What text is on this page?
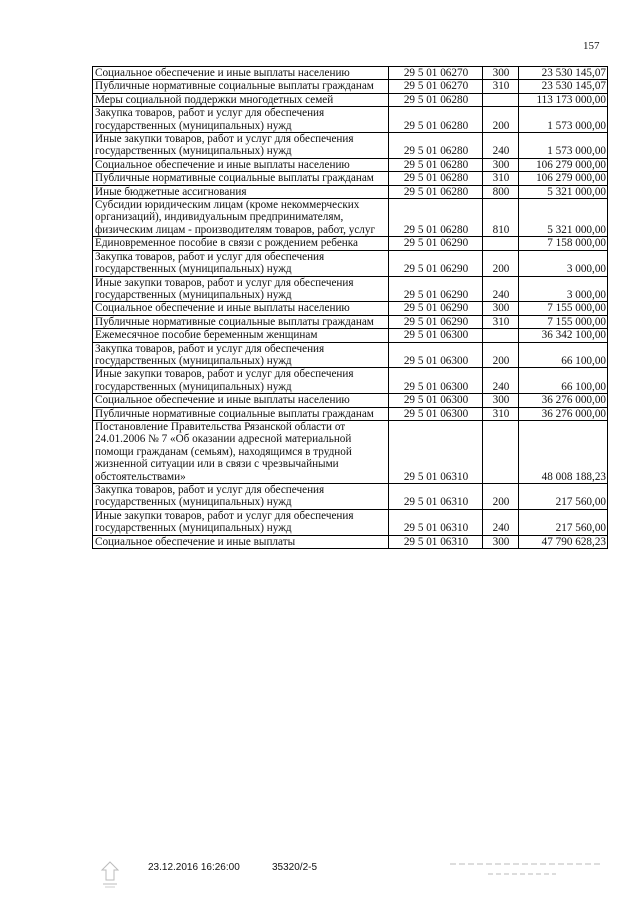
157
Социальное обеспечение и иные выплаты населению	29 5 01 06270	300	23 530 145,07
Публичные нормативные социальные выплаты гражданам	29 5 01 06270	310	23 530 145,07
Меры социальной поддержки многодетных семей	29 5 01 06280		113 173 000,00
Закупка товаров, работ и услуг для обеспечения государственных (муниципальных) нужд	29 5 01 06280	200	1 573 000,00
Иные закупки товаров, работ и услуг для обеспечения государственных (муниципальных) нужд	29 5 01 06280	240	1 573 000,00
Социальное обеспечение и иные выплаты населению	29 5 01 06280	300	106 279 000,00
Публичные нормативные социальные выплаты гражданам	29 5 01 06280	310	106 279 000,00
Иные бюджетные ассигнования	29 5 01 06280	800	5 321 000,00
Субсидии юридическим лицам (кроме некоммерческих организаций), индивидуальным предпринимателям, физическим лицам - производителям товаров, работ, услуг	29 5 01 06280	810	5 321 000,00
Единовременное пособие в связи с рождением ребенка	29 5 01 06290		7 158 000,00
Закупка товаров, работ и услуг для обеспечения государственных (муниципальных) нужд	29 5 01 06290	200	3 000,00
Иные закупки товаров, работ и услуг для обеспечения государственных (муниципальных) нужд	29 5 01 06290	240	3 000,00
Социальное обеспечение и иные выплаты населению	29 5 01 06290	300	7 155 000,00
Публичные нормативные социальные выплаты гражданам	29 5 01 06290	310	7 155 000,00
Ежемесячное пособие беременным женщинам	29 5 01 06300		36 342 100,00
Закупка товаров, работ и услуг для обеспечения государственных (муниципальных) нужд	29 5 01 06300	200	66 100,00
Иные закупки товаров, работ и услуг для обеспечения государственных (муниципальных) нужд	29 5 01 06300	240	66 100,00
Социальное обеспечение и иные выплаты населению	29 5 01 06300	300	36 276 000,00
Публичные нормативные социальные выплаты гражданам	29 5 01 06300	310	36 276 000,00
Постановление Правительства Рязанской области от 24.01.2006 № 7 «Об оказании адресной материальной помощи гражданам (семьям), находящимся в трудной жизненной ситуации или в связи с чрезвычайными обстоятельствами»	29 5 01 06310		48 008 188,23
Закупка товаров, работ и услуг для обеспечения государственных (муниципальных) нужд	29 5 01 06310	200	217 560,00
Иные закупки товаров, работ и услуг для обеспечения государственных (муниципальных) нужд	29 5 01 06310	240	217 560,00
Социальное обеспечение и иные выплаты	29 5 01 06310	300	47 790 628,23
23.12.2016 16:26:00	35320/2-5
